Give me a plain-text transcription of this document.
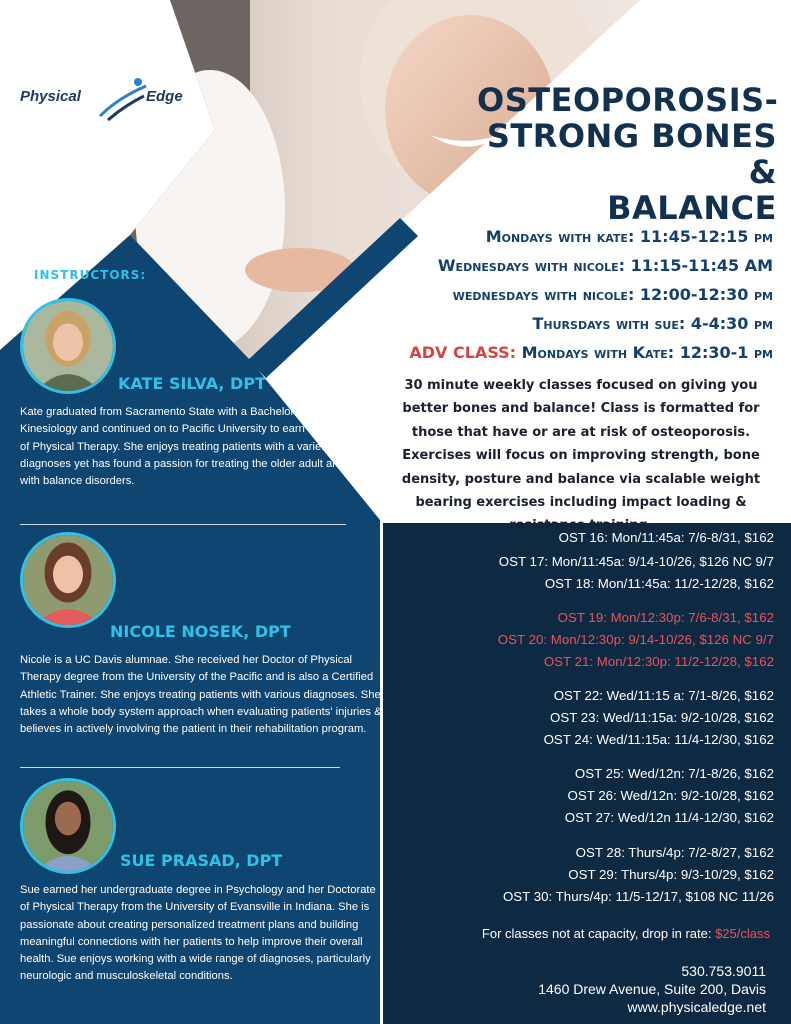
Physical	Edge	OSTEOPOROSIS-
STRONG BONES &
BALANCE
Mondays with kate: 11:45-12:15 pm
Wednesdays with nicole: 11:15-11:45 AM
wednesdays with nicole: 12:00-12:30 pm
Thursdays with sue: 4-4:30 pm
ADV CLASS: Mondays with Kate: 12:30-1 pm
30 minute weekly classes focused on giving you better bones and balance! Class is formatted for those that have or are at risk of osteoporosis. Exercises will focus on improving strength, bone density, posture and balance via scalable weight bearing exercises including impact loading & resistance training.
INSTRUCTORS:
KATE SILVA, DPT
Kate graduated from Sacramento State with a Bachelor of Science in Kinesiology and continued on to Pacific University to earn her Doctorate of Physical Therapy. She enjoys treating patients with a variety of diagnoses yet has found a passion for treating the older adult and those with balance disorders.
NICOLE NOSEK, DPT
Nicole is a UC Davis alumnae. She received her Doctor of Physical Therapy degree from the University of the Pacific and is also a Certified Athletic Trainer. She enjoys treating patients with various diagnoses. She takes a whole body system approach when evaluating patients' injuries & believes in actively involving the patient in their rehabilitation program.
SUE PRASAD, DPT
Sue earned her undergraduate degree in Psychology and her Doctorate of Physical Therapy from the University of Evansville in Indiana. She is passionate about creating personalized treatment plans and building meaningful connections with her patients to help improve their overall health. Sue enjoys working with a wide range of diagnoses, particularly neurologic and musculoskeletal conditions.
OST 16: Mon/11:45a: 7/6-8/31, $162
OST 17: Mon/11:45a: 9/14-10/26, $126 NC 9/7
OST 18: Mon/11:45a: 11/2-12/28, $162
OST 19: Mon/12:30p: 7/6-8/31, $162
OST 20: Mon/12:30p: 9/14-10/26, $126 NC 9/7
OST 21: Mon/12:30p: 11/2-12/28, $162
OST 22: Wed/11:15 a: 7/1-8/26, $162
OST 23: Wed/11:15a: 9/2-10/28, $162
OST 24: Wed/11:15a: 11/4-12/30, $162
OST 25: Wed/12n: 7/1-8/26, $162
OST 26: Wed/12n: 9/2-10/28, $162
OST 27: Wed/12n 11/4-12/30, $162
OST 28: Thurs/4p: 7/2-8/27, $162
OST 29: Thurs/4p: 9/3-10/29, $162
OST 30: Thurs/4p: 11/5-12/17, $108 NC 11/26
For classes not at capacity, drop in rate: $25/class
530.753.9011
1460 Drew Avenue, Suite 200, Davis
www.physicaledge.net
